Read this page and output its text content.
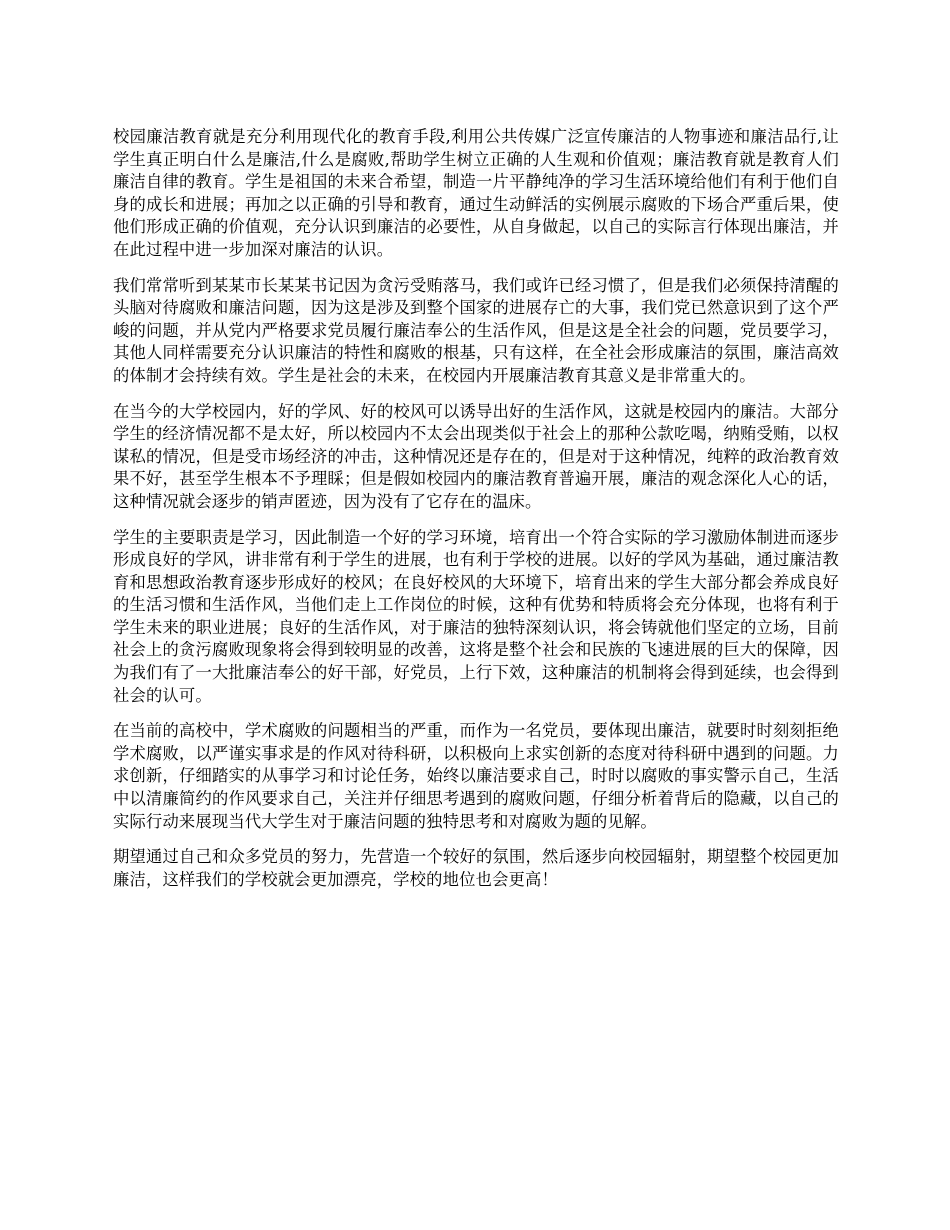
校园廉洁教育就是充分利用现代化的教育手段,利用公共传媒广泛宣传廉洁的人物事迹和廉洁品行,让学生真正明白什么是廉洁,什么是腐败,帮助学生树立正确的人生观和价值观；廉洁教育就是教育人们廉洁自律的教育。学生是祖国的未来合希望，制造一片平静纯净的学习生活环境给他们有利于他们自身的成长和进展；再加之以正确的引导和教育，通过生动鲜活的实例展示腐败的下场合严重后果，使他们形成正确的价值观，充分认识到廉洁的必要性，从自身做起，以自己的实际言行体现出廉洁，并在此过程中进一步加深对廉洁的认识。

我们常常听到某某市长某某书记因为贪污受贿落马，我们或许已经习惯了，但是我们必须保持清醒的头脑对待腐败和廉洁问题，因为这是涉及到整个国家的进展存亡的大事，我们党已然意识到了这个严峻的问题，并从党内严格要求党员履行廉洁奉公的生活作风，但是这是全社会的问题，党员要学习，其他人同样需要充分认识廉洁的特性和腐败的根基，只有这样，在全社会形成廉洁的氛围，廉洁高效的体制才会持续有效。学生是社会的未来，在校园内开展廉洁教育其意义是非常重大的。

在当今的大学校园内，好的学风、好的校风可以诱导出好的生活作风，这就是校园内的廉洁。大部分学生的经济情况都不是太好，所以校园内不太会出现类似于社会上的那种公款吃喝，纳贿受贿，以权谋私的情况，但是受市场经济的冲击，这种情况还是存在的，但是对于这种情况，纯粹的政治教育效果不好，甚至学生根本不予理睬；但是假如校园内的廉洁教育普遍开展，廉洁的观念深化人心的话，这种情况就会逐步的销声匿迹，因为没有了它存在的温床。

学生的主要职责是学习，因此制造一个好的学习环境，培育出一个符合实际的学习激励体制进而逐步形成良好的学风，讲非常有利于学生的进展，也有利于学校的进展。以好的学风为基础，通过廉洁教育和思想政治教育逐步形成好的校风；在良好校风的大环境下，培育出来的学生大部分都会养成良好的生活习惯和生活作风，当他们走上工作岗位的时候，这种有优势和特质将会充分体现，也将有利于学生未来的职业进展；良好的生活作风，对于廉洁的独特深刻认识，将会铸就他们坚定的立场，目前社会上的贪污腐败现象将会得到较明显的改善，这将是整个社会和民族的飞速进展的巨大的保障，因为我们有了一大批廉洁奉公的好干部，好党员，上行下效，这种廉洁的机制将会得到延续，也会得到社会的认可。

在当前的高校中，学术腐败的问题相当的严重，而作为一名党员，要体现出廉洁，就要时时刻刻拒绝学术腐败，以严谨实事求是的作风对待科研，以积极向上求实创新的态度对待科研中遇到的问题。力求创新，仔细踏实的从事学习和讨论任务，始终以廉洁要求自己，时时以腐败的事实警示自己，生活中以清廉简约的作风要求自己，关注并仔细思考遇到的腐败问题，仔细分析着背后的隐藏，以自己的实际行动来展现当代大学生对于廉洁问题的独特思考和对腐败为题的见解。

期望通过自己和众多党员的努力，先营造一个较好的氛围，然后逐步向校园辐射，期望整个校园更加廉洁，这样我们的学校就会更加漂亮，学校的地位也会更高！
